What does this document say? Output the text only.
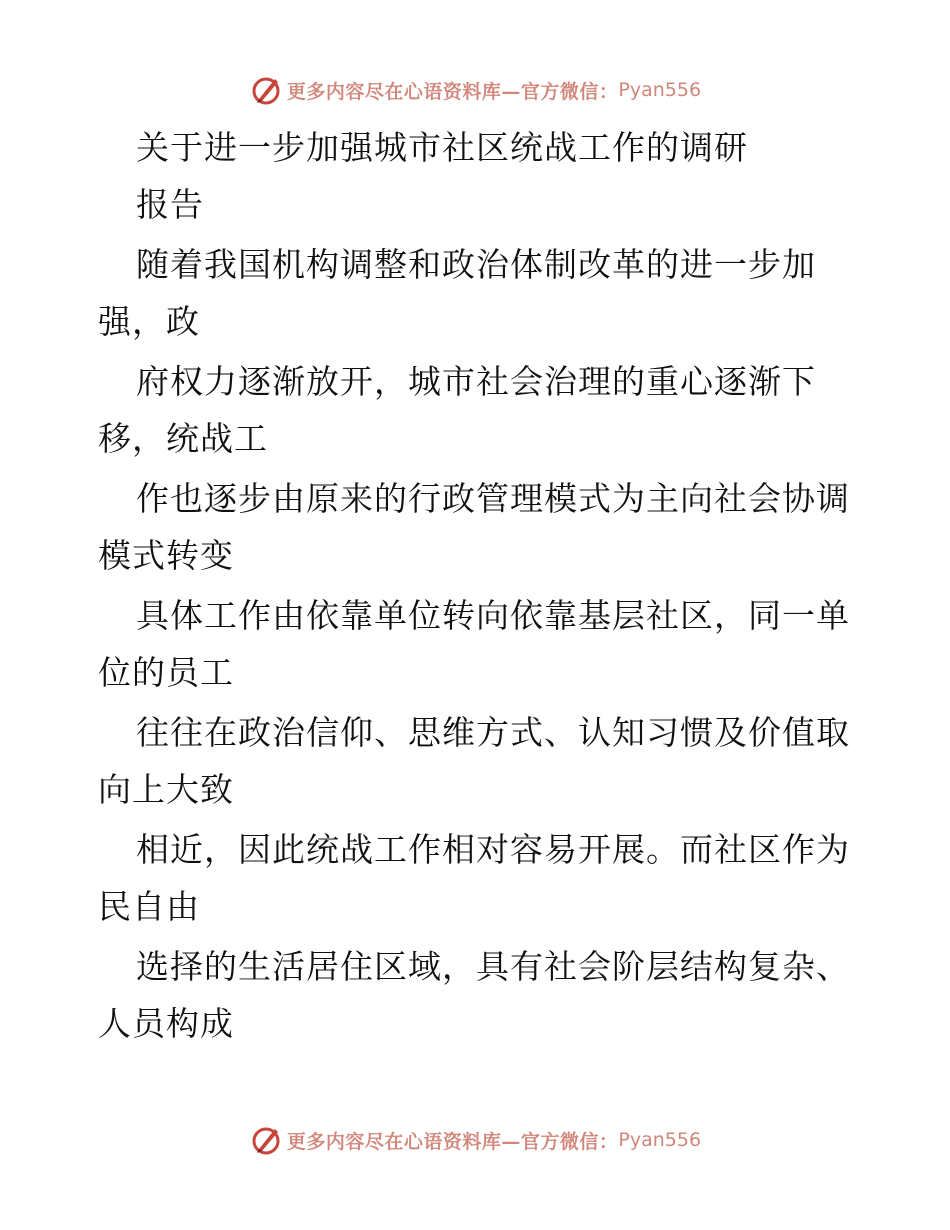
更多内容尽在心语资料库—官方微信： Pyan556
关于进一步加强城市社区统战工作的调研
报告
随着我国机构调整和政治体制改革的进一步加
强，政
府权力逐渐放开，城市社会治理的重心逐渐下
移，统战工
作也逐步由原来的行政管理模式为主向社会协调
模式转变
具体工作由依靠单位转向依靠基层社区，同一单
位的员工
往往在政治信仰、思维方式、认知习惯及价值取
向上大致
相近，因此统战工作相对容易开展。而社区作为
民自由
选择的生活居住区域，具有社会阶层结构复杂、
人员构成
更多内容尽在心语资料库—官方微信： Pyan556
